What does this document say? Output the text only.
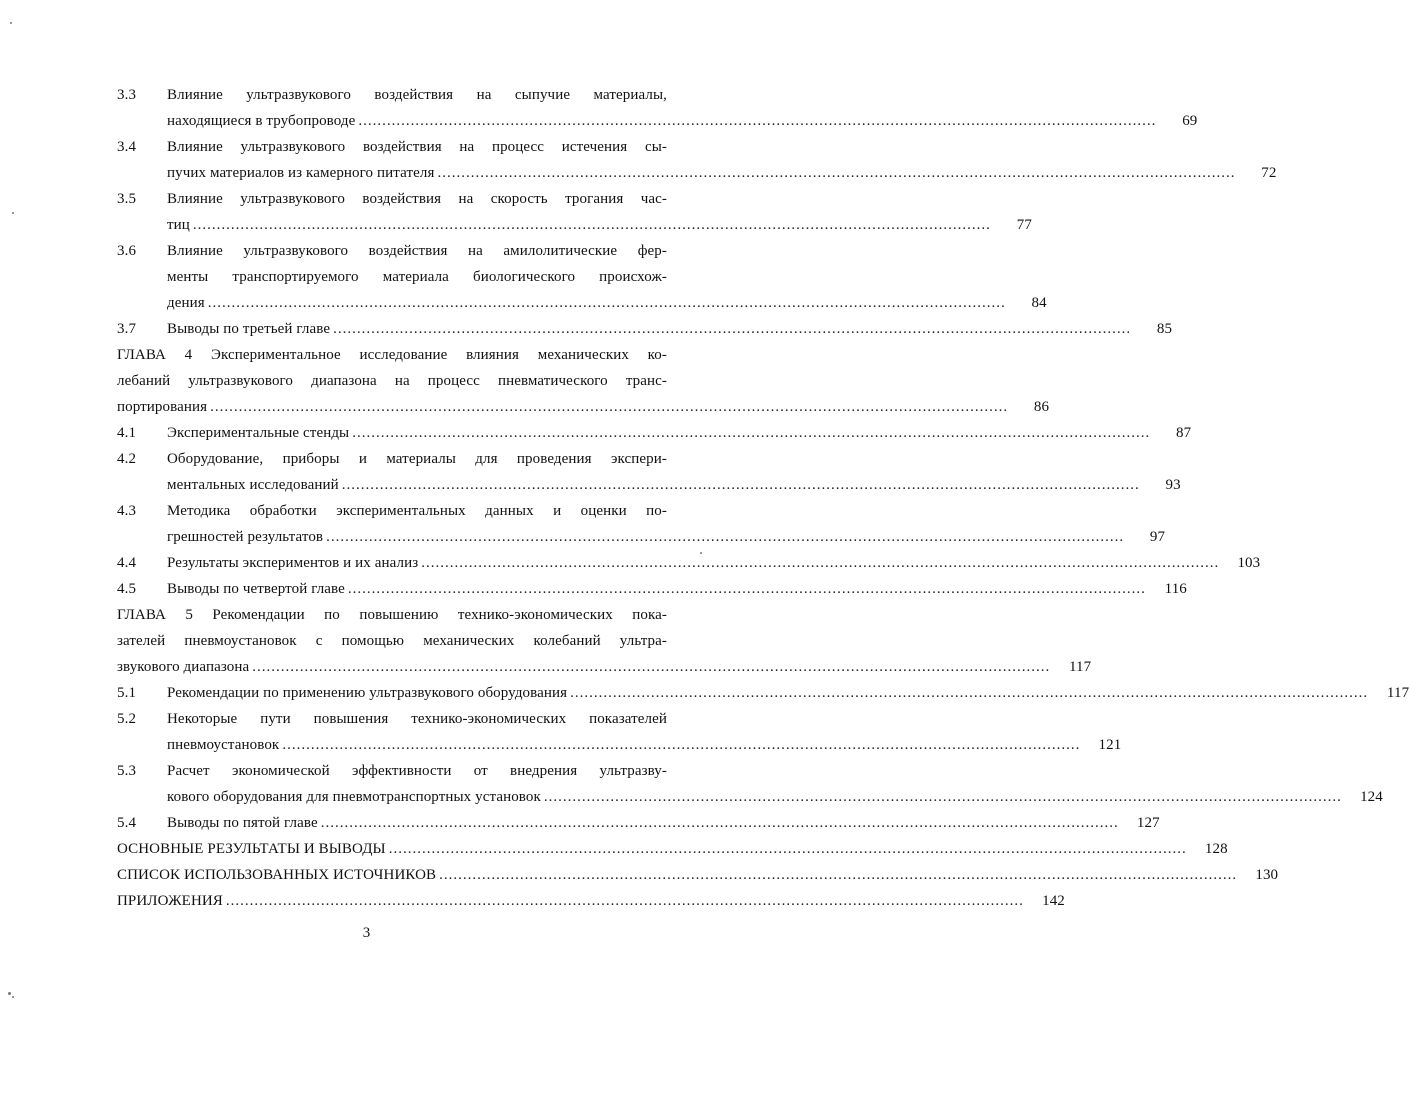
3.3 Влияние ультразвукового воздействия на сыпучие материалы,
находящиеся в трубопроводе ........................................................................................................................................................................	69
3.4 Влияние ультразвукового воздействия на процесс истечения сы-
пучих материалов из камерного питателя ........................................................................................................................................................................	72
3.5 Влияние ультразвукового воздействия на скорость трогания час-
тиц ........................................................................................................................................................................	77
3.6 Влияние ультразвукового воздействия на амилолитические фер-
менты транспортируемого материала биологического происхож-
дения ........................................................................................................................................................................	84
3.7 Выводы по третьей главе ........................................................................................................................................................................	85
ГЛАВА 4 Экспериментальное исследование влияния механических ко-
лебаний ультразвукового диапазона на процесс пневматического транс-
портирования ........................................................................................................................................................................	86
4.1 Экспериментальные стенды ........................................................................................................................................................................	87
4.2 Оборудование, приборы и материалы для проведения экспери-
ментальных исследований ........................................................................................................................................................................	93
4.3 Методика обработки экспериментальных данных и оценки по-
грешностей результатов ........................................................................................................................................................................	97
4.4 Результаты экспериментов и их анализ ........................................................................................................................................................................	103
4.5 Выводы по четвертой главе ........................................................................................................................................................................	116
ГЛАВА 5 Рекомендации по повышению технико-экономических пока-
зателей пневмоустановок с помощью механических колебаний ультра-
звукового диапазона ........................................................................................................................................................................	117
5.1 Рекомендации по применению ультразвукового оборудования ........................................................................................................................................................................	117
5.2 Некоторые пути повышения технико-экономических показателей
пневмоустановок ........................................................................................................................................................................	121
5.3 Расчет экономической эффективности от внедрения ультразву-
кового оборудования для пневмотранспортных установок ........................................................................................................................................................................	124
5.4 Выводы по пятой главе ........................................................................................................................................................................	127
ОСНОВНЫЕ РЕЗУЛЬТАТЫ И ВЫВОДЫ ........................................................................................................................................................................	128
СПИСОК ИСПОЛЬЗОВАННЫХ ИСТОЧНИКОВ ........................................................................................................................................................................	130
ПРИЛОЖЕНИЯ ........................................................................................................................................................................	142
3
